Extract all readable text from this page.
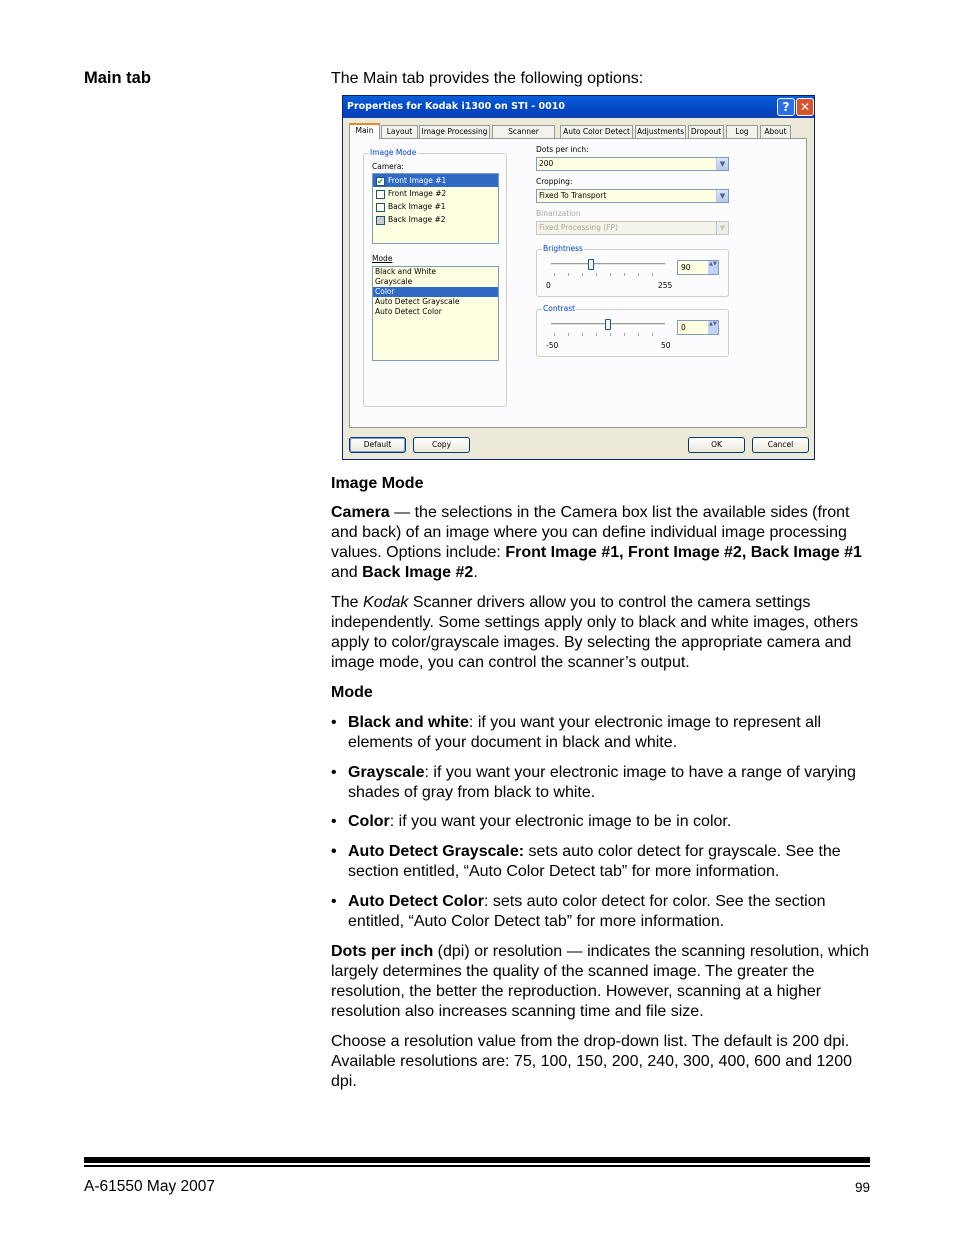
Main tab	The Main tab provides the following options:
Properties for Kodak i1300 on STI - 0010	? ✕
Main	Layout	Image Processing	Scanner	Auto Color Detect Adjustments Dropout	Log	About
Image Mode
Camera:
✔ Front Image #1
Front Image #2
Back Image #1
Back Image #2
Mode
Black and White
Grayscale
Color
Auto Detect Grayscale
Auto Detect Color
Dots per inch:
200	▼
Cropping:
Fixed To Transport	▼
Binarization
Fixed Processing (FP)	▼
Brightness
0	255
90	▲▼
Contrast
-50	50
0	▲▼
Default	Copy	OK	Cancel
Image Mode
Camera — the selections in the Camera box list the available sides (front and back) of an image where you can define individual image processing values. Options include: Front Image #1, Front Image #2, Back Image #1 and Back Image #2.
The Kodak Scanner drivers allow you to control the camera settings independently. Some settings apply only to black and white images, others apply to color/grayscale images. By selecting the appropriate camera and image mode, you can control the scanner’s output.
Mode
• Black and white: if you want your electronic image to represent all elements of your document in black and white.
• Grayscale: if you want your electronic image to have a range of varying shades of gray from black to white.
• Color: if you want your electronic image to be in color.
• Auto Detect Grayscale: sets auto color detect for grayscale. See the section entitled, “Auto Color Detect tab” for more information.
• Auto Detect Color: sets auto color detect for color. See the section entitled, “Auto Color Detect tab” for more information.
Dots per inch (dpi) or resolution — indicates the scanning resolution, which largely determines the quality of the scanned image. The greater the resolution, the better the reproduction. However, scanning at a higher resolution also increases scanning time and file size.
Choose a resolution value from the drop-down list. The default is 200 dpi. Available resolutions are: 75, 100, 150, 200, 240, 300, 400, 600 and 1200 dpi.
A-61550 May 2007	99
